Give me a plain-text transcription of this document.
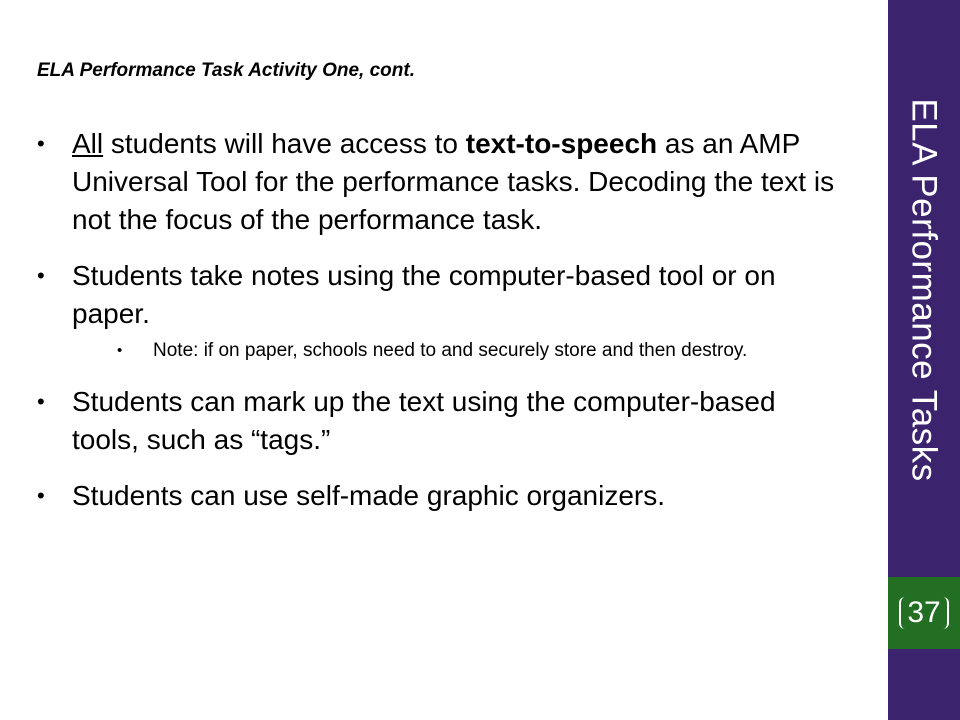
ELA Performance Task Activity One, cont.
• All students will have access to text-to-speech as an AMP Universal Tool for the performance tasks. Decoding the text is not the focus of the performance task.
• Students take notes using the computer-based tool or on paper.
• Note: if on paper, schools need to and securely store and then destroy.
• Students can mark up the text using the computer-based tools, such as “tags.”
• Students can use self-made graphic organizers.
ELA Performance Tasks
37
